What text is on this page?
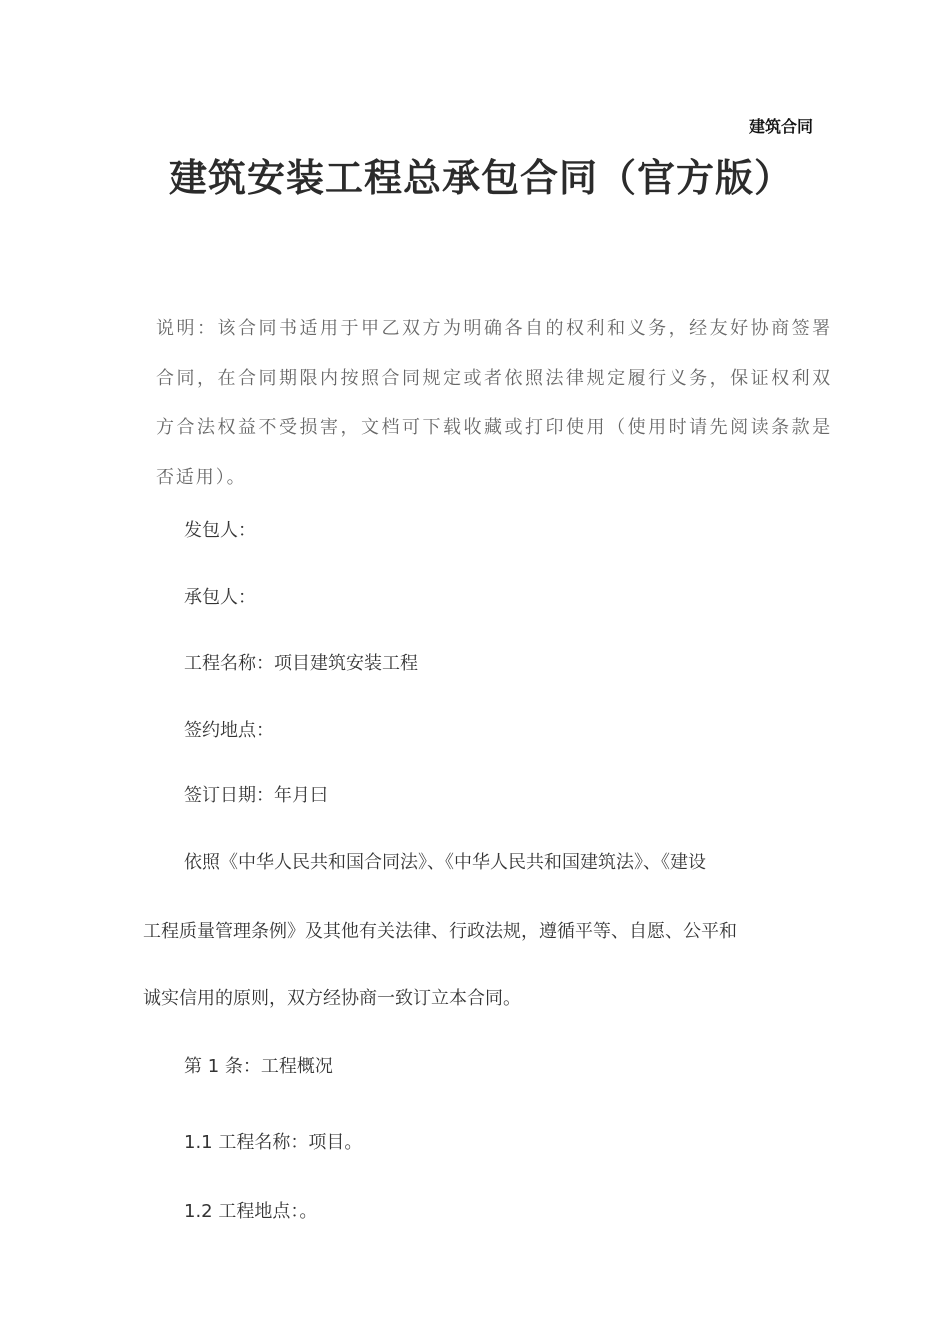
建筑合同
建筑安装工程总承包合同（官方版）

说明：该合同书适用于甲乙双方为明确各自的权利和义务，经友好协商签署合同，在合同期限内按照合同规定或者依照法律规定履行义务，保证权利双方合法权益不受损害，文档可下载收藏或打印使用（使用时请先阅读条款是否适用）。

发包人：

承包人：

工程名称：项目建筑安装工程

签约地点：

签订日期：年月曰

依照《中华人民共和国合同法》、《中华人民共和国建筑法》、《建设

工程质量管理条例》及其他有关法律、行政法规，遵循平等、自愿、公平和

诚实信用的原则，双方经协商一致订立本合同。

第 1 条：工程概况

1.1 工程名称：项目。

1.2 工程地点：。
